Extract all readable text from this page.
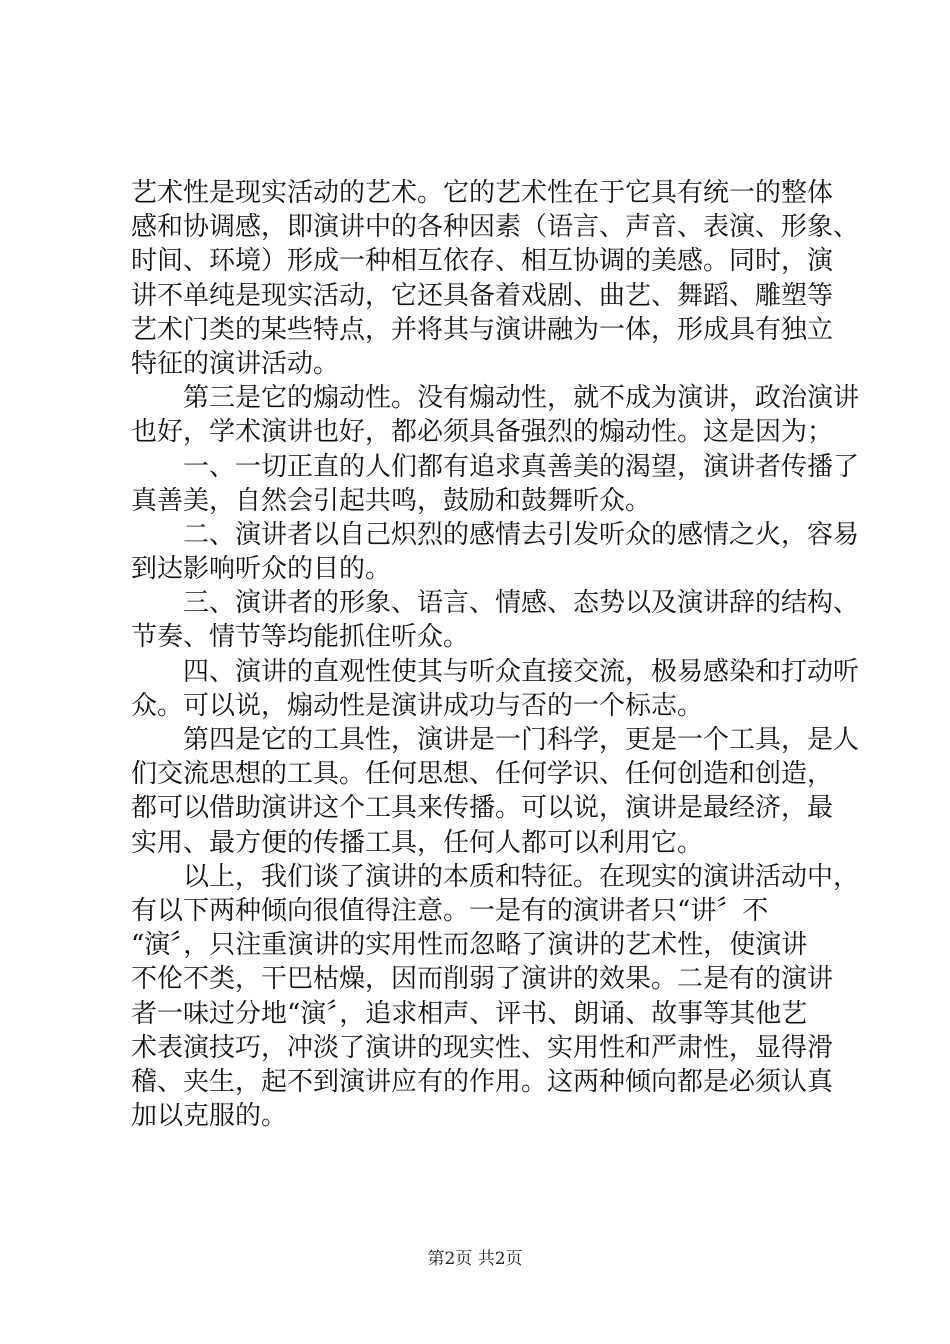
艺术性是现实活动的艺术。它的艺术性在于它具有统一的整体
感和协调感，即演讲中的各种因素（语言、声音、表演、形象、
时间、环境）形成一种相互依存、相互协调的美感。同时，演
讲不单纯是现实活动，它还具备着戏剧、曲艺、舞蹈、雕塑等
艺术门类的某些特点，并将其与演讲融为一体，形成具有独立
特征的演讲活动。
　　第三是它的煽动性。没有煽动性，就不成为演讲，政治演讲
也好，学术演讲也好，都必须具备强烈的煽动性。这是因为；
　　一、一切正直的人们都有追求真善美的渴望，演讲者传播了
真善美，自然会引起共鸣，鼓励和鼓舞听众。
　　二、演讲者以自己炽烈的感情去引发听众的感情之火，容易
到达影响听众的目的。
　　三、演讲者的形象、语言、情感、态势以及演讲辞的结构、
节奏、情节等均能抓住听众。
　　四、演讲的直观性使其与听众直接交流，极易感染和打动听
众。可以说，煽动性是演讲成功与否的一个标志。
　　第四是它的工具性，演讲是一门科学，更是一个工具，是人
们交流思想的工具。任何思想、任何学识、任何创造和创造，
都可以借助演讲这个工具来传播。可以说，演讲是最经济，最
实用、最方便的传播工具，任何人都可以利用它。
　　以上，我们谈了演讲的本质和特征。在现实的演讲活动中，
有以下两种倾向很值得注意。一是有的演讲者只“讲〞不
“演〞，只注重演讲的实用性而忽略了演讲的艺术性，使演讲
不伦不类，干巴枯燥，因而削弱了演讲的效果。二是有的演讲
者一味过分地“演〞，追求相声、评书、朗诵、故事等其他艺
术表演技巧，冲淡了演讲的现实性、实用性和严肃性，显得滑
稽、夹生，起不到演讲应有的作用。这两种倾向都是必须认真
加以克服的。
第2页 共2页
